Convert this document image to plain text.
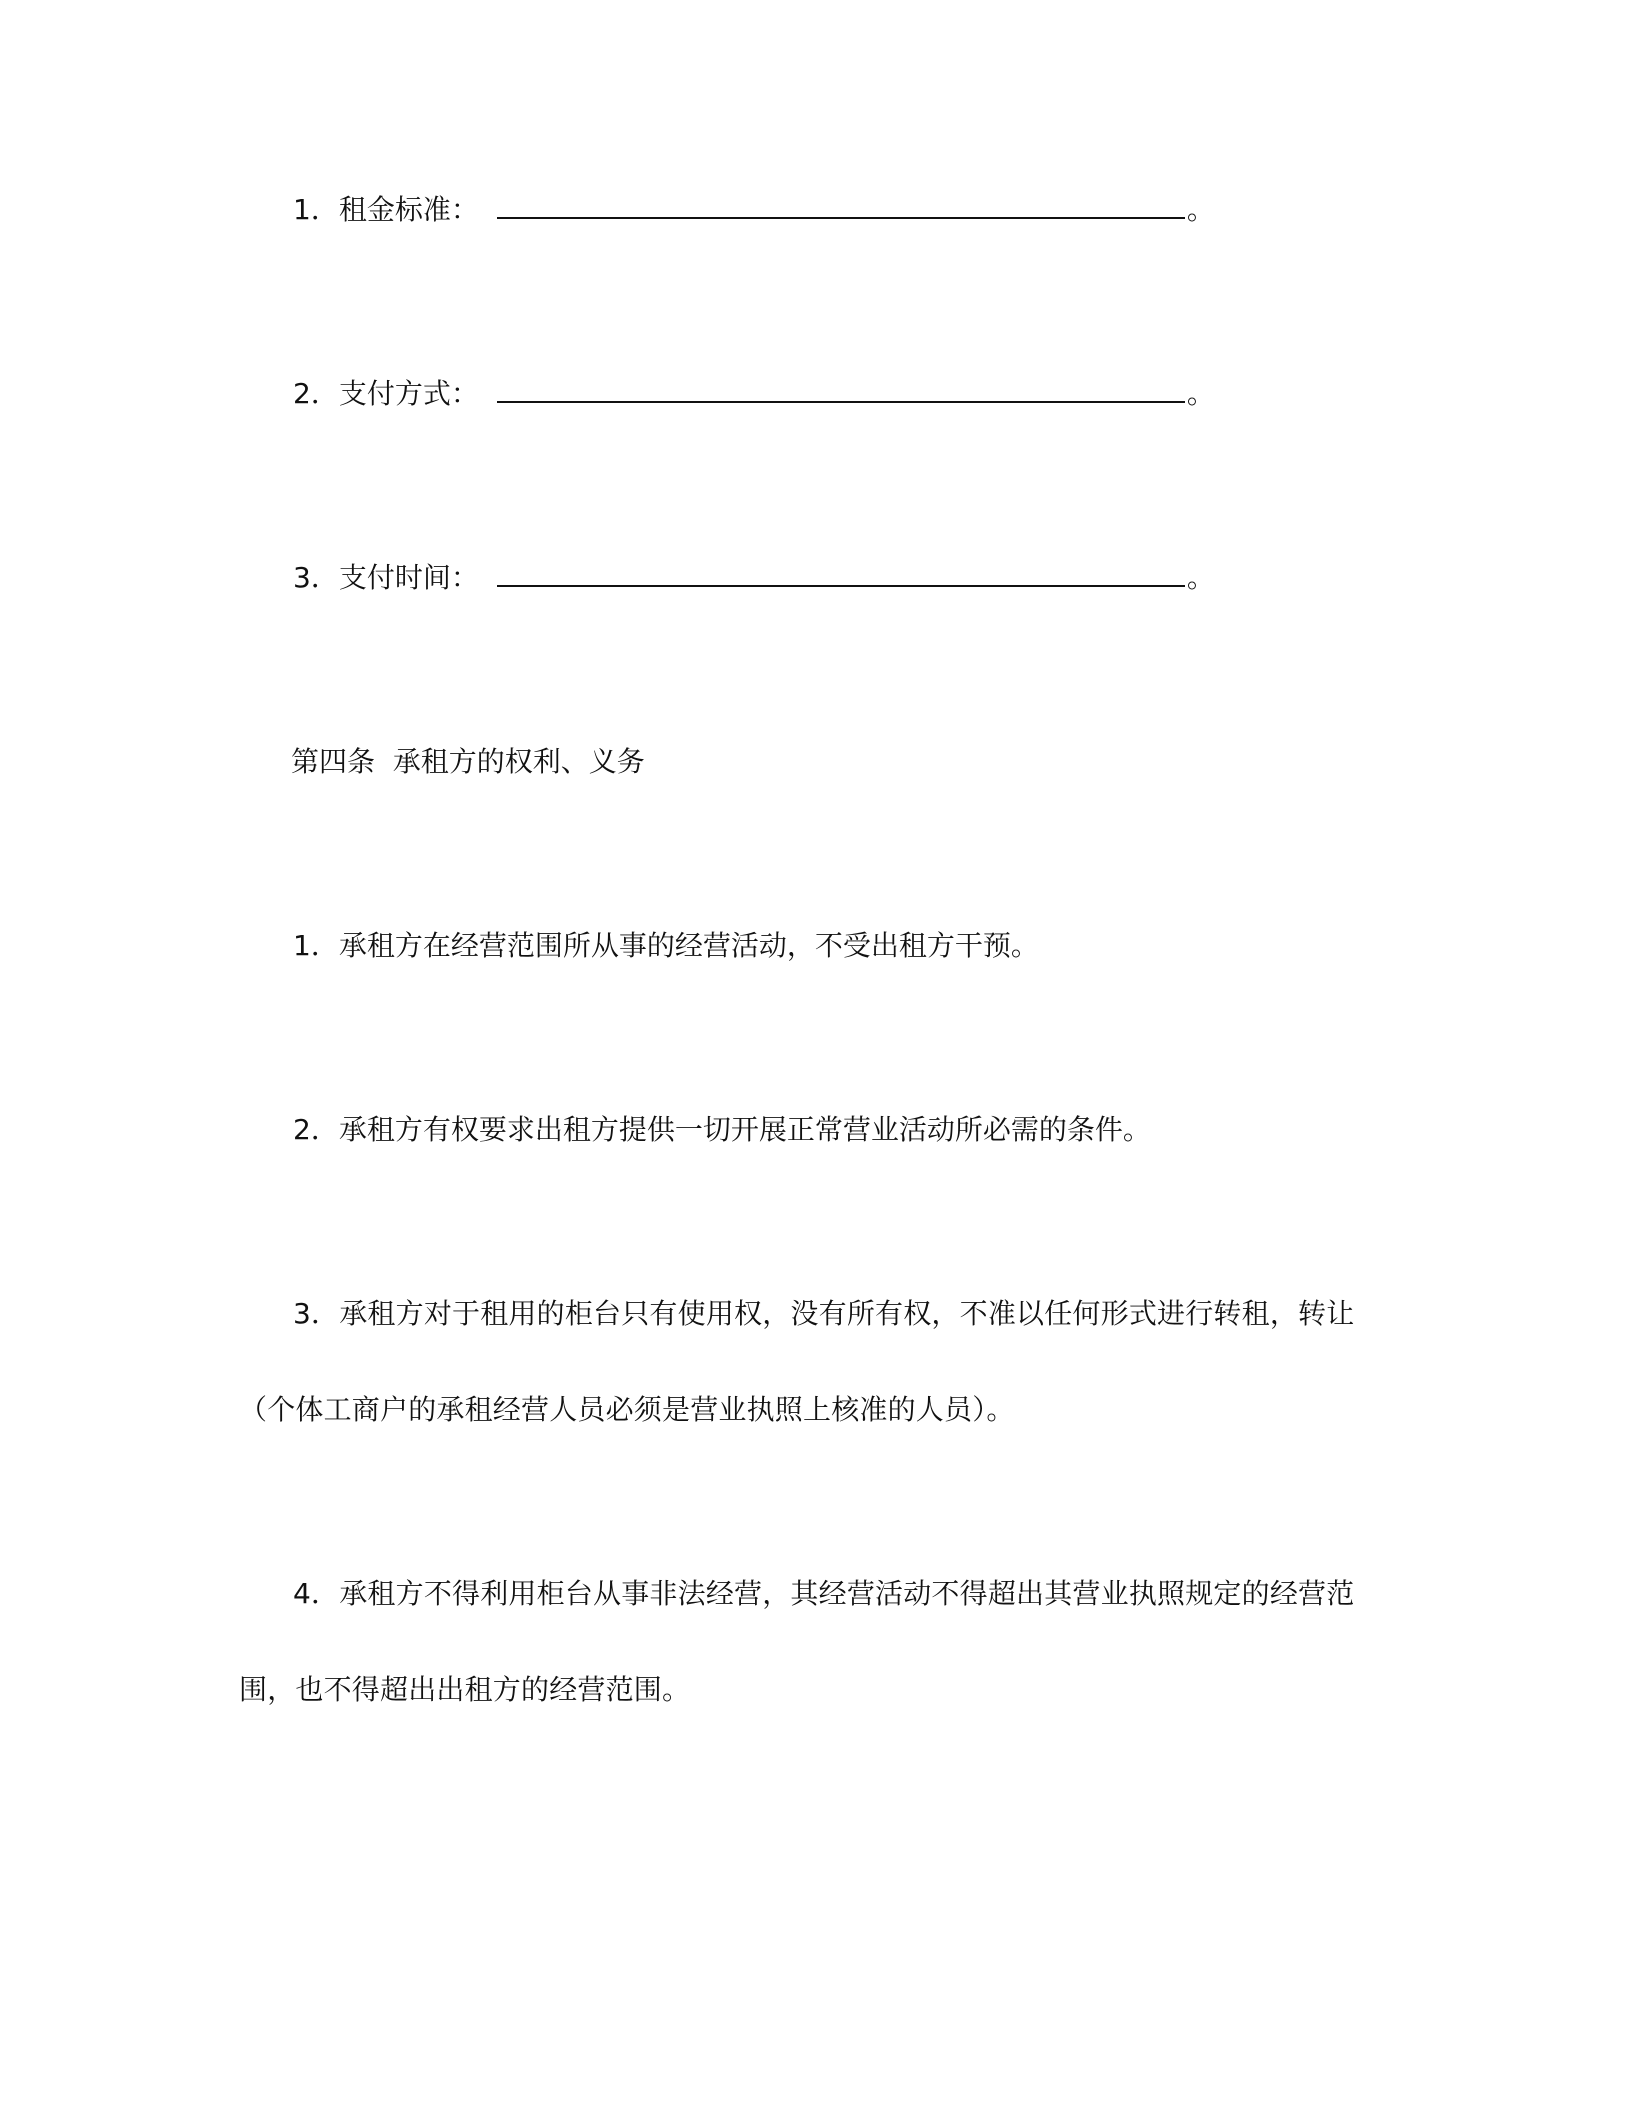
1．租金标准：	。
2．支付方式：	。
3．支付时间：	。
第四条  承租方的权利、义务
1．承租方在经营范围所从事的经营活动，不受出租方干预。
2．承租方有权要求出租方提供一切开展正常营业活动所必需的条件。
3．承租方对于租用的柜台只有使用权，没有所有权，不准以任何形式进行转租，转让（个体工商户的承租经营人员必须是营业执照上核准的人员）。
4．承租方不得利用柜台从事非法经营，其经营活动不得超出其营业执照规定的经营范围，也不得超出出租方的经营范围。
